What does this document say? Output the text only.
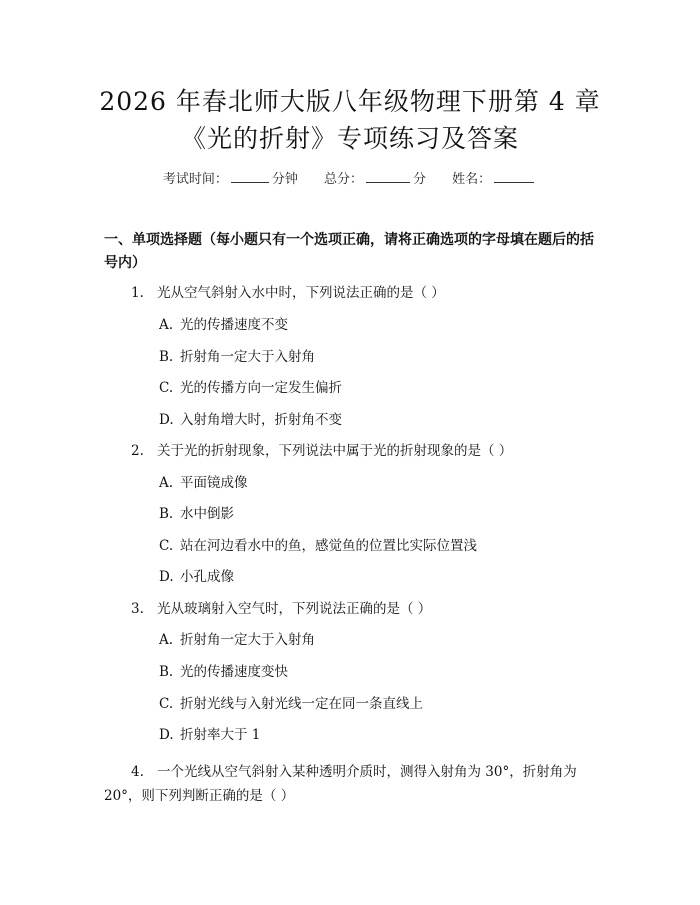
2026 年春北师大版八年级物理下册第 4 章
《光的折射》专项练习及答案
考试时间：	分钟 总分：	分 姓名：
一、单项选择题（每小题只有一个选项正确，请将正确选项的字母填在题后的括号内）
1. 光从空气斜射入水中时，下列说法正确的是（ ）
A. 光的传播速度不变
B. 折射角一定大于入射角
C. 光的传播方向一定发生偏折
D. 入射角增大时，折射角不变
2. 关于光的折射现象，下列说法中属于光的折射现象的是（ ）
A. 平面镜成像
B. 水中倒影
C. 站在河边看水中的鱼，感觉鱼的位置比实际位置浅
D. 小孔成像
3. 光从玻璃射入空气时，下列说法正确的是（ ）
A. 折射角一定大于入射角
B. 光的传播速度变快
C. 折射光线与入射光线一定在同一条直线上
D. 折射率大于 1
4. 一个光线从空气斜射入某种透明介质时，测得入射角为 30°，折射角为 20°，则下列判断正确的是（ ）
